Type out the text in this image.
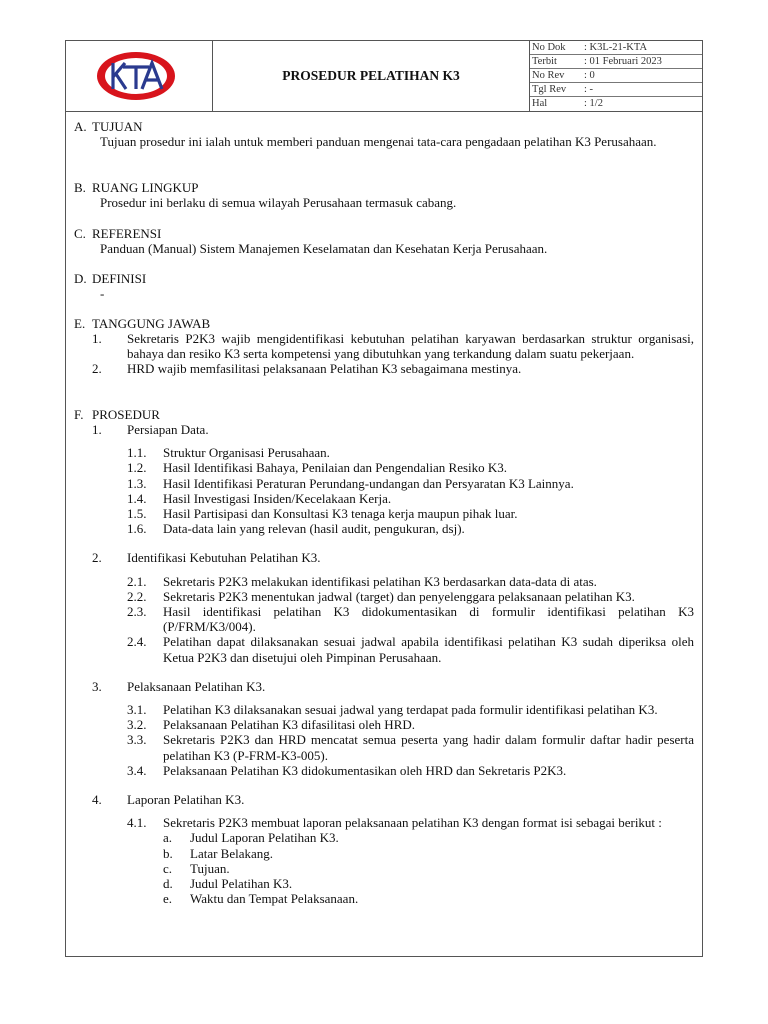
KTA
PROSEDUR PELATIHAN K3
No Dok : K3L-21-KTA
Terbit	: 01 Februari 2023
No Rev : 0
Tgl Rev : -
Hal	: 1/2
A. TUJUAN
Tujuan prosedur ini ialah untuk memberi panduan mengenai tata-cara pengadaan pelatihan K3 Perusahaan.
B. RUANG LINGKUP
Prosedur ini berlaku di semua wilayah Perusahaan termasuk cabang.
C. REFERENSI
Panduan (Manual) Sistem Manajemen Keselamatan dan Kesehatan Kerja Perusahaan.
D. DEFINISI
-
E. TANGGUNG JAWAB
1. Sekretaris P2K3 wajib mengidentifikasi kebutuhan pelatihan karyawan berdasarkan struktur organisasi, bahaya dan resiko K3 serta kompetensi yang dibutuhkan yang terkandung dalam suatu pekerjaan.
2. HRD wajib memfasilitasi pelaksanaan Pelatihan K3 sebagaimana mestinya.
F. PROSEDUR
1. Persiapan Data.
1.1. Struktur Organisasi Perusahaan.
1.2. Hasil Identifikasi Bahaya, Penilaian dan Pengendalian Resiko K3.
1.3. Hasil Identifikasi Peraturan Perundang-undangan dan Persyaratan K3 Lainnya.
1.4. Hasil Investigasi Insiden/Kecelakaan Kerja.
1.5. Hasil Partisipasi dan Konsultasi K3 tenaga kerja maupun pihak luar.
1.6. Data-data lain yang relevan (hasil audit, pengukuran, dsj).
2. Identifikasi Kebutuhan Pelatihan K3.
2.1. Sekretaris P2K3 melakukan identifikasi pelatihan K3 berdasarkan data-data di atas.
2.2. Sekretaris P2K3 menentukan jadwal (target) dan penyelenggara pelaksanaan pelatihan K3.
2.3. Hasil identifikasi pelatihan K3 didokumentasikan di formulir identifikasi pelatihan K3 (P/FRM/K3/004).
2.4. Pelatihan dapat dilaksanakan sesuai jadwal apabila identifikasi pelatihan K3 sudah diperiksa oleh Ketua P2K3 dan disetujui oleh Pimpinan Perusahaan.
3. Pelaksanaan Pelatihan K3.
3.1. Pelatihan K3 dilaksanakan sesuai jadwal yang terdapat pada formulir identifikasi pelatihan K3.
3.2. Pelaksanaan Pelatihan K3 difasilitasi oleh HRD.
3.3. Sekretaris P2K3 dan HRD mencatat semua peserta yang hadir dalam formulir daftar hadir peserta pelatihan K3 (P-FRM-K3-005).
3.4. Pelaksanaan Pelatihan K3 didokumentasikan oleh HRD dan Sekretaris P2K3.
4. Laporan Pelatihan K3.
4.1. Sekretaris P2K3 membuat laporan pelaksanaan pelatihan K3 dengan format isi sebagai berikut :
a. Judul Laporan Pelatihan K3.
b. Latar Belakang.
c. Tujuan.
d. Judul Pelatihan K3.
e. Waktu dan Tempat Pelaksanaan.
